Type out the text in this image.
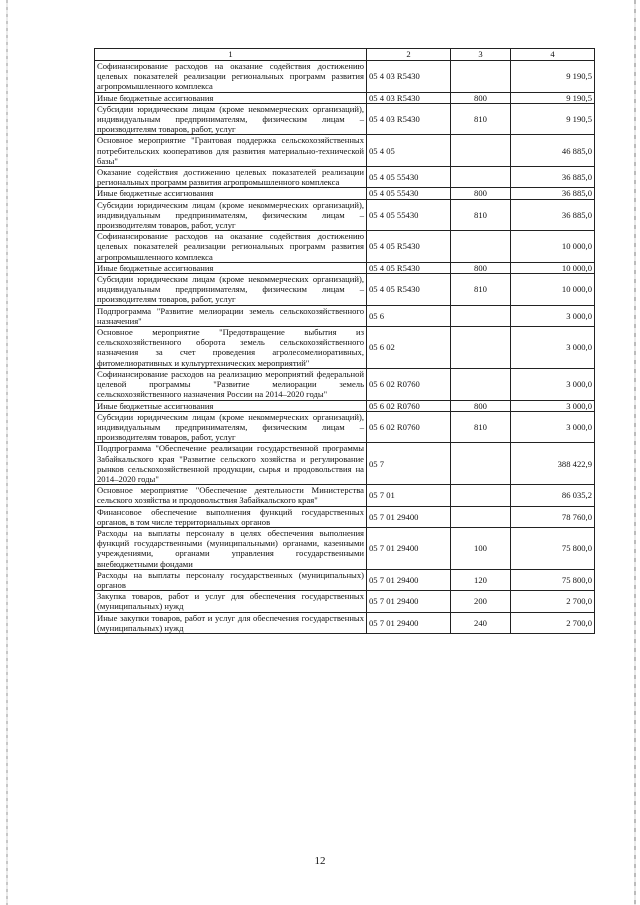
1	2	3	4
Софинансирование расходов на оказание содействия достижению целевых показателей реализации региональных программ развития агропромышленного комплекса	05 4 03 R5430		9 190,5
Иные бюджетные ассигнования	05 4 03 R5430	800	9 190,5
Субсидии юридическим лицам (кроме некоммерческих организаций), индивидуальным предпринимателям, физическим лицам – производителям товаров, работ, услуг	05 4 03 R5430	810	9 190,5
Основное мероприятие "Грантовая поддержка сельскохозяйственных потребительских кооперативов для развития материально-технической базы"	05 4 05		46 885,0
Оказание содействия достижению целевых показателей реализации региональных программ развития агропромышленного комплекса	05 4 05 55430		36 885,0
Иные бюджетные ассигнования	05 4 05 55430	800	36 885,0
Субсидии юридическим лицам (кроме некоммерческих организаций), индивидуальным предпринимателям, физическим лицам – производителям товаров, работ, услуг	05 4 05 55430	810	36 885,0
Софинансирование расходов на оказание содействия достижению целевых показателей реализации региональных программ развития агропромышленного комплекса	05 4 05 R5430		10 000,0
Иные бюджетные ассигнования	05 4 05 R5430	800	10 000,0
Субсидии юридическим лицам (кроме некоммерческих организаций), индивидуальным предпринимателям, физическим лицам – производителям товаров, работ, услуг	05 4 05 R5430	810	10 000,0
Подпрограмма "Развитие мелиорации земель сельскохозяйственного назначения"	05 6		3 000,0
Основное мероприятие "Предотвращение выбытия из сельскохозяйственного оборота земель сельскохозяйственного назначения за счет проведения агролесомелиоративных, фитомелиоративных и культуртехнических мероприятий"	05 6 02		3 000,0
Софинансирование расходов на реализацию мероприятий федеральной целевой программы "Развитие мелиорации земель сельскохозяйственного назначения России на 2014–2020 годы"	05 6 02 R0760		3 000,0
Иные бюджетные ассигнования	05 6 02 R0760	800	3 000,0
Субсидии юридическим лицам (кроме некоммерческих организаций), индивидуальным предпринимателям, физическим лицам – производителям товаров, работ, услуг	05 6 02 R0760	810	3 000,0
Подпрограмма "Обеспечение реализации государственной программы Забайкальского края "Развитие сельского хозяйства и регулирование рынков сельскохозяйственной продукции, сырья и продовольствия на 2014–2020 годы"	05 7		388 422,9
Основное мероприятие "Обеспечение деятельности Министерства сельского хозяйства и продовольствия Забайкальского края"	05 7 01		86 035,2
Финансовое обеспечение выполнения функций государственных органов, в том числе территориальных органов	05 7 01 29400		78 760,0
Расходы на выплаты персоналу в целях обеспечения выполнения функций государственными (муниципальными) органами, казенными учреждениями, органами управления государственными внебюджетными фондами	05 7 01 29400	100	75 800,0
Расходы на выплаты персоналу государственных (муниципальных) органов	05 7 01 29400	120	75 800,0
Закупка товаров, работ и услуг для обеспечения государственных (муниципальных) нужд	05 7 01 29400	200	2 700,0
Иные закупки товаров, работ и услуг для обеспечения государственных (муниципальных) нужд	05 7 01 29400	240	2 700,0
12
